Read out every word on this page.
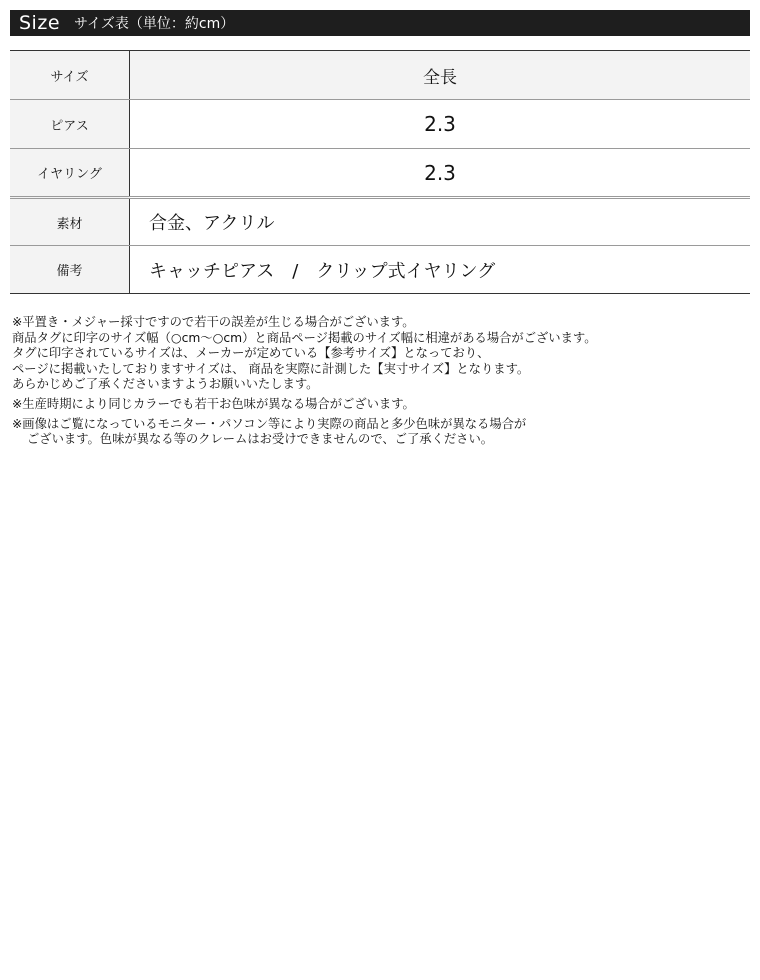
Size サイズ表（単位：約cm）
サイズ	全長
ピアス	2.3
イヤリング	2.3
素材	合金、アクリル
備考	キャッチピアス　/　クリップ式イヤリング
※平置き・メジャー採寸ですので若干の誤差が生じる場合がございます。
商品タグに印字のサイズ幅（○cm〜○cm）と商品ページ掲載のサイズ幅に相違がある場合がございます。
タグに印字されているサイズは、メーカーが定めている【参考サイズ】となっており、
ページに掲載いたしておりますサイズは、 商品を実際に計測した【実寸サイズ】となります。
あらかじめご了承くださいますようお願いいたします。
※生産時期により同じカラーでも若干お色味が異なる場合がございます。
※画像はご覧になっているモニター・パソコン等により実際の商品と多少色味が異なる場合が
ございます。色味が異なる等のクレームはお受けできませんので、ご了承ください。
